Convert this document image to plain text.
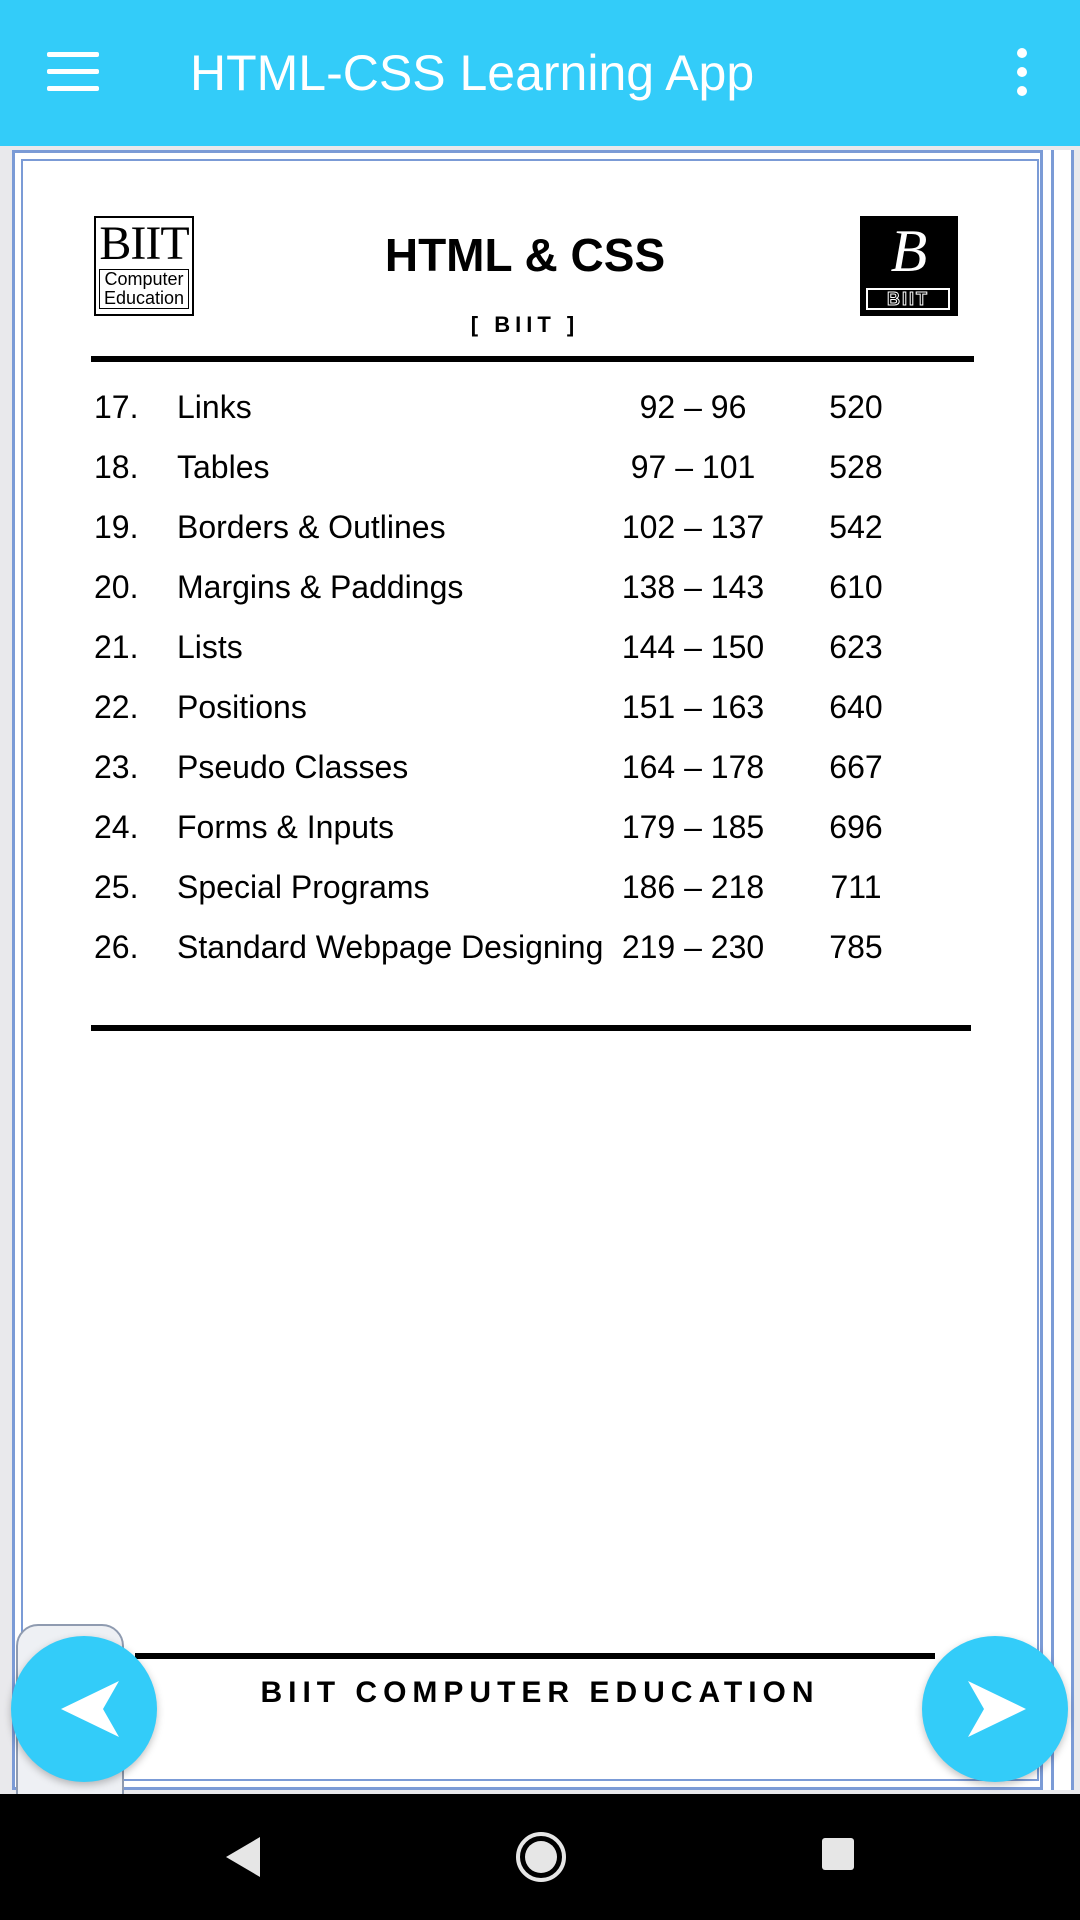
HTML-CSS Learning App
BIIT
Computer
Education
B
BIIT
HTML & CSS
[ BIIT ]
17. Links	92 – 96	520
18. Tables	97 – 101	528
19. Borders & Outlines	102 – 137	542
20. Margins & Paddings	138 – 143	610
21. Lists	144 – 150	623
22. Positions	151 – 163	640
23. Pseudo Classes	164 – 178	667
24. Forms & Inputs	179 – 185	696
25. Special Programs	186 – 218	711
26. Standard Webpage Designing 219 – 230	785
BIIT COMPUTER EDUCATION
